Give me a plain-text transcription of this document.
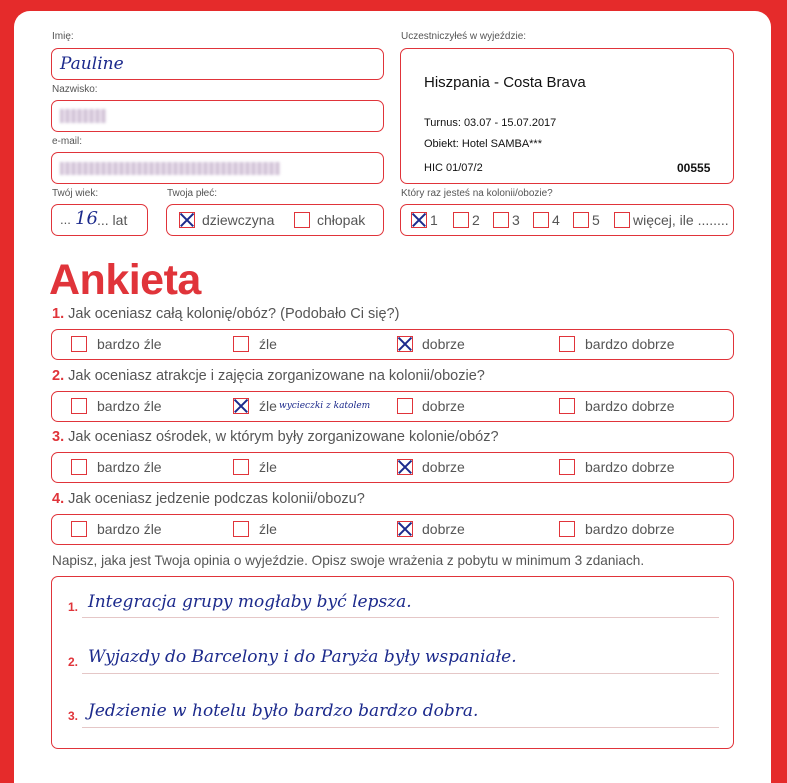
Imię:
Pauline
Nazwisko:
e-mail:
Twój wiek:
... 16 ... lat
Twoja płeć:
dziewczyna	chłopak
Uczestniczyłeś w wyjeździe:
Hiszpania - Costa Brava
Turnus: 03.07 - 15.07.2017
Obiekt: Hotel SAMBA***
HIC 01/07/2	00555
Który raz jesteś na kolonii/obozie?
1 2 3 4 5 więcej, ile ........
Ankieta
1. Jak oceniasz całą kolonię/obóz? (Podobało Ci się?)
bardzo źle	źle	dobrze	bardzo dobrze
2. Jak oceniasz atrakcje i zajęcia zorganizowane na kolonii/obozie?
bardzo źle	źle wycieczki z katolem	dobrze	bardzo dobrze
3. Jak oceniasz ośrodek, w którym były zorganizowane kolonie/obóz?
bardzo źle	źle	dobrze	bardzo dobrze
4. Jak oceniasz jedzenie podczas kolonii/obozu?
bardzo źle	źle	dobrze	bardzo dobrze
Napisz, jaka jest Twoja opinia o wyjeździe. Opisz swoje wrażenia z pobytu w minimum 3 zdaniach.
1. Integracja grupy mogłaby być lepsza.
2. Wyjazdy do Barcelony i do Paryża były wspaniałe.
3. Jedzienie w hotelu było bardzo bardzo dobra.
